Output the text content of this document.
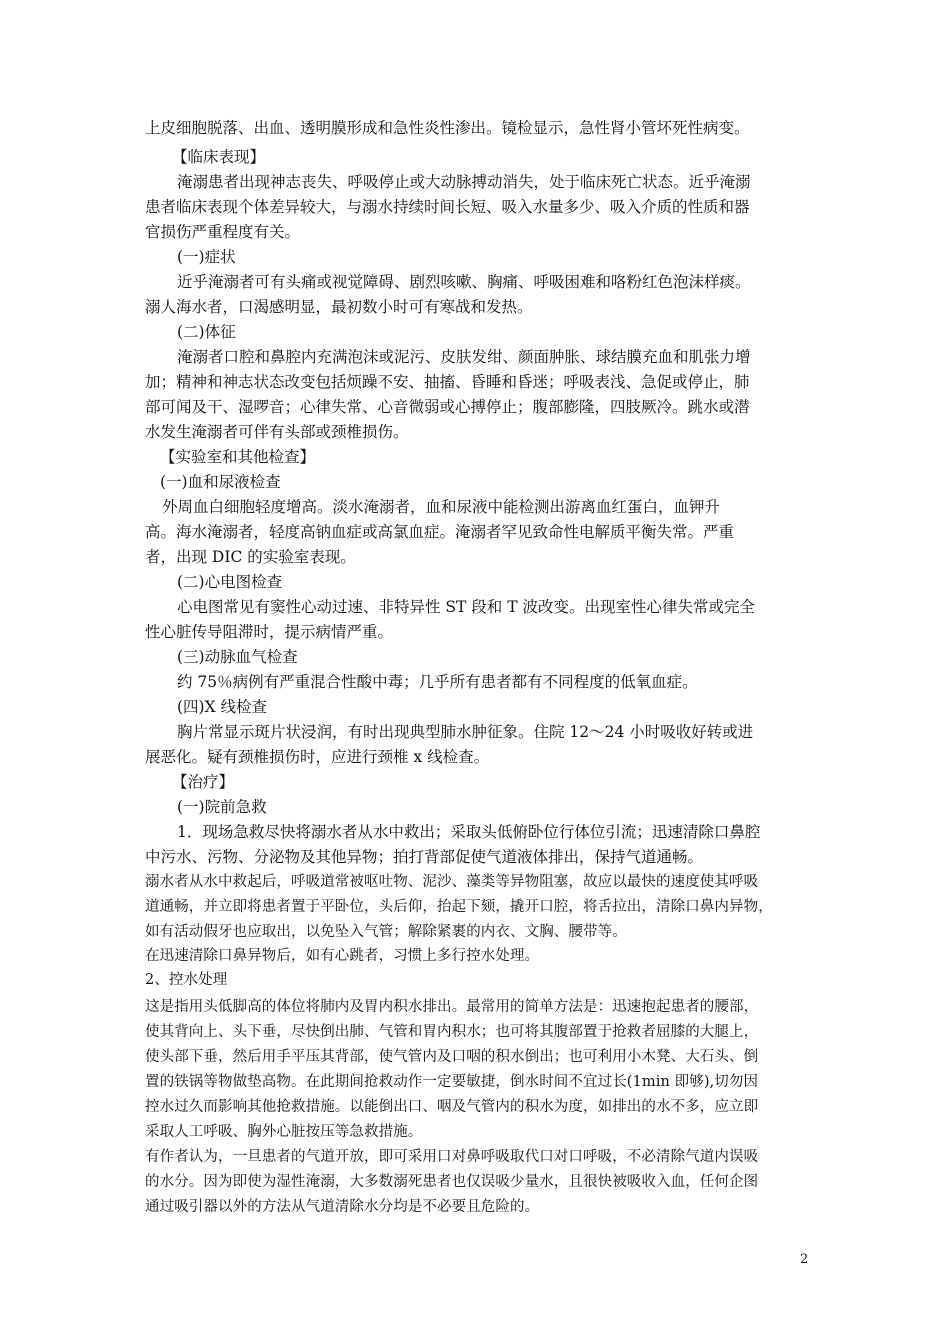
上皮细胞脱落、出血、透明膜形成和急性炎性渗出。镜检显示，急性肾小管坏死性病变。
【临床表现】
淹溺患者出现神志丧失、呼吸停止或大动脉搏动消失，处于临床死亡状态。近乎淹溺
患者临床表现个体差异较大，与溺水持续时间长短、吸入水量多少、吸入介质的性质和器
官损伤严重程度有关。
(一)症状
近乎淹溺者可有头痛或视觉障碍、剧烈咳嗽、胸痛、呼吸困难和咯粉红色泡沫样痰。
溺人海水者，口渴感明显，最初数小时可有寒战和发热。
(二)体征
淹溺者口腔和鼻腔内充满泡沫或泥污、皮肤发绀、颜面肿胀、球结膜充血和肌张力增
加；精神和神志状态改变包括烦躁不安、抽搐、昏睡和昏迷；呼吸表浅、急促或停止，肺
部可闻及干、湿啰音；心律失常、心音微弱或心搏停止；腹部膨隆，四肢厥冷。跳水或潜
水发生淹溺者可伴有头部或颈椎损伤。
【实验室和其他检查】
(一)血和尿液检查
外周血白细胞轻度增高。淡水淹溺者，血和尿液中能检测出游离血红蛋白，血钾升
高。海水淹溺者，轻度高钠血症或高氯血症。淹溺者罕见致命性电解质平衡失常。严重
者，出现 DIC 的实验室表现。
(二)心电图检查
心电图常见有窦性心动过速、非特异性 ST 段和 T 波改变。出现室性心律失常或完全
性心脏传导阻滞时，提示病情严重。
(三)动脉血气检查
约 75％病例有严重混合性酸中毒；几乎所有患者都有不同程度的低氧血症。
(四)X 线检查
胸片常显示斑片状浸润，有时出现典型肺水肿征象。住院 12～24 小时吸收好转或进
展恶化。疑有颈椎损伤时，应进行颈椎 x 线检查。
【治疗】
(一)院前急救
1．现场急救尽快将溺水者从水中救出；采取头低俯卧位行体位引流；迅速清除口鼻腔
中污水、污物、分泌物及其他异物；拍打背部促使气道液体排出，保持气道通畅。
溺水者从水中救起后，呼吸道常被呕吐物、泥沙、藻类等异物阻塞，故应以最快的速度使其呼吸
道通畅，并立即将患者置于平卧位，头后仰，抬起下颏，撬开口腔，将舌拉出，清除口鼻内异物，
如有活动假牙也应取出，以免坠入气管；解除紧裹的内衣、文胸、腰带等。
在迅速清除口鼻异物后，如有心跳者，习惯上多行控水处理。
2、控水处理
这是指用头低脚高的体位将肺内及胃内积水排出。最常用的简单方法是：迅速抱起患者的腰部，
使其背向上、头下垂，尽快倒出肺、气管和胃内积水；也可将其腹部置于抢救者屈膝的大腿上，
使头部下垂，然后用手平压其背部，使气管内及口咽的积水倒出；也可利用小木凳、大石头、倒
置的铁锅等物做垫高物。在此期间抢救动作一定要敏捷，倒水时间不宜过长(1min 即够),切勿因
控水过久而影响其他抢救措施。以能倒出口、咽及气管内的积水为度，如排出的水不多，应立即
采取人工呼吸、胸外心脏按压等急救措施。
有作者认为，一旦患者的气道开放，即可采用口对鼻呼吸取代口对口呼吸，不必清除气道内误吸
的水分。因为即使为湿性淹溺，大多数溺死患者也仅误吸少量水，且很快被吸收入血，任何企图
通过吸引器以外的方法从气道清除水分均是不必要且危险的。
2
